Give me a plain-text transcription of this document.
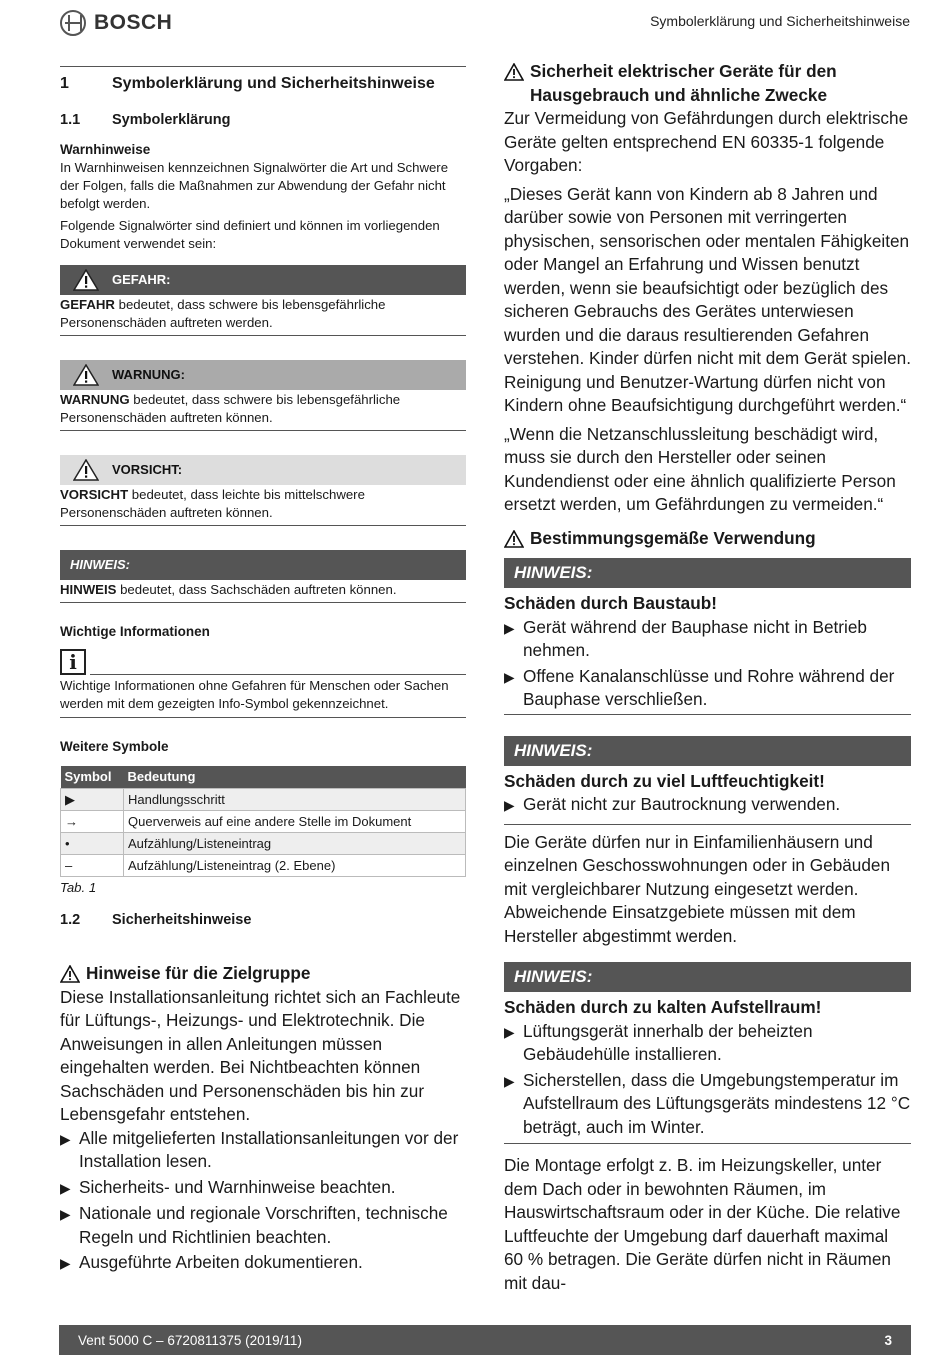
BOSCH	Symbolerklärung und Sicherheitshinweise
1	Symbolerklärung und Sicherheitshinweise
1.1	Symbolerklärung
Warnhinweise

In Warnhinweisen kennzeichnen Signalwörter die Art und Schwere der Folgen, falls die Maßnahmen zur Abwendung der Gefahr nicht befolgt werden.

Folgende Signalwörter sind definiert und können im vorliegenden Dokument verwendet sein:

GEFAHR:

GEFAHR bedeutet, dass schwere bis lebensgefährliche Personenschäden auftreten werden.

WARNUNG:

WARNUNG bedeutet, dass schwere bis lebensgefährliche Personenschäden auftreten können.

VORSICHT:

VORSICHT bedeutet, dass leichte bis mittelschwere Personenschäden auftreten können.

HINWEIS:

HINWEIS bedeutet, dass Sachschäden auftreten können.

Wichtige Informationen
i

Wichtige Informationen ohne Gefahren für Menschen oder Sachen werden mit dem gezeigten Info-Symbol gekennzeichnet.

Weitere Symbole
Symbol	Bedeutung
▶	Handlungsschritt
→	Querverweis auf eine andere Stelle im Dokument
•	Aufzählung/Listeneintrag
–	Aufzählung/Listeneintrag (2. Ebene)
Tab. 1
1.2	Sicherheitshinweise
Hinweise für die Zielgruppe

Diese Installationsanleitung richtet sich an Fachleute für Lüftungs-, Heizungs- und Elektrotechnik. Die Anweisungen in allen Anleitungen müssen eingehalten werden. Bei Nichtbeachten können Sachschäden und Personenschäden bis hin zur Lebensgefahr entstehen.

▶ Alle mitgelieferten Installationsanleitungen vor der Installation lesen.
▶ Sicherheits- und Warnhinweise beachten.
▶ Nationale und regionale Vorschriften, technische Regeln und Richtlinien beachten.
▶ Ausgeführte Arbeiten dokumentieren.
Sicherheit elektrischer Geräte für den Hausgebrauch und ähnliche Zwecke

Zur Vermeidung von Gefährdungen durch elektrische Geräte gelten entsprechend EN 60335-1 folgende Vorgaben:

„Dieses Gerät kann von Kindern ab 8 Jahren und darüber sowie von Personen mit verringerten physischen, sensorischen oder mentalen Fähigkeiten oder Mangel an Erfahrung und Wissen benutzt werden, wenn sie beaufsichtigt oder bezüglich des sicheren Gebrauchs des Gerätes unterwiesen wurden und die daraus resultierenden Gefahren verstehen. Kinder dürfen nicht mit dem Gerät spielen. Reinigung und Benutzer-Wartung dürfen nicht von Kindern ohne Beaufsichtigung durchgeführt werden.“

„Wenn die Netzanschlussleitung beschädigt wird, muss sie durch den Hersteller oder seinen Kundendienst oder eine ähnlich qualifizierte Person ersetzt werden, um Gefährdungen zu vermeiden.“

Bestimmungsgemäße Verwendung
HINWEIS:
Schäden durch Baustaub!
▶ Gerät während der Bauphase nicht in Betrieb nehmen.
▶ Offene Kanalanschlüsse und Rohre während der Bauphase verschließen.
HINWEIS:
Schäden durch zu viel Luftfeuchtigkeit!
▶ Gerät nicht zur Bautrocknung verwenden.

Die Geräte dürfen nur in Einfamilienhäusern und einzelnen Geschosswohnungen oder in Gebäuden mit vergleichbarer Nutzung eingesetzt werden. Abweichende Einsatzgebiete müssen mit dem Hersteller abgestimmt werden.

HINWEIS:
Schäden durch zu kalten Aufstellraum!
▶ Lüftungsgerät innerhalb der beheizten Gebäudehülle installieren.
▶ Sicherstellen, dass die Umgebungstemperatur im Aufstellraum des Lüftungsgeräts mindestens 12 °C beträgt, auch im Winter.

Die Montage erfolgt z. B. im Heizungskeller, unter dem Dach oder in bewohnten Räumen, im Hauswirtschaftsraum oder in der Küche. Die relative Luftfeuchte der Umgebung darf dauerhaft maximal 60 % betragen. Die Geräte dürfen nicht in Räumen mit dau-

Vent 5000 C – 6720811375 (2019/11)	3
